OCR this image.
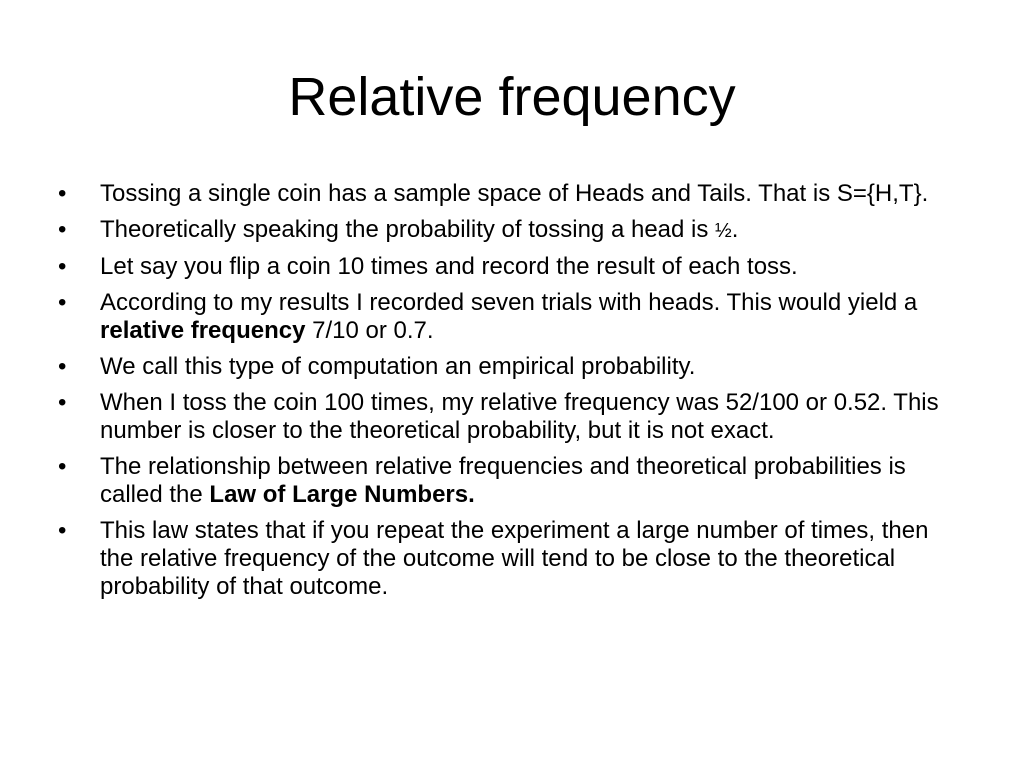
Relative frequency
• Tossing a single coin has a sample space of Heads and Tails. That is S={H,T}.
• Theoretically speaking the probability of tossing a head is ½.
• Let say you flip a coin 10 times and record the result of each toss.
• According to my results I recorded seven trials with heads. This would yield a relative frequency 7/10 or 0.7.
• We call this type of computation an empirical probability.
• When I toss the coin 100 times, my relative frequency was 52/100 or 0.52. This number is closer to the theoretical probability, but it is not exact.
• The relationship between relative frequencies and theoretical probabilities is called the Law of Large Numbers.
• This law states that if you repeat the experiment a large number of times, then the relative frequency of the outcome will tend to be close to the theoretical probability of that outcome.
